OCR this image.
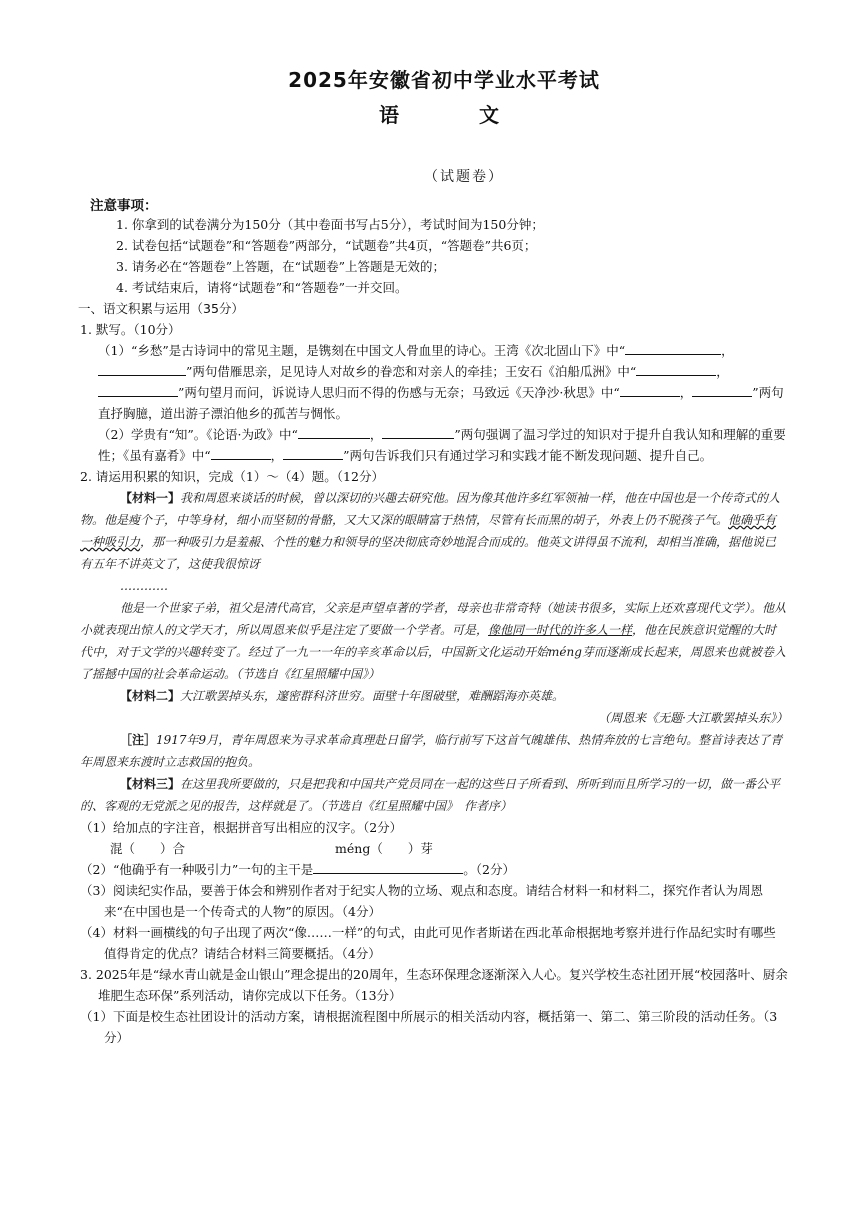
2025年安徽省初中学业水平考试
语　文
（试题卷）
注意事项：
1. 你拿到的试卷满分为150分（其中卷面书写占5分），考试时间为150分钟；
2. 试卷包括“试题卷”和“答题卷”两部分，“试题卷”共4页，“答题卷”共6页；
3. 请务必在“答题卷”上答题，在“试题卷”上答题是无效的；
4. 考试结束后，请将“试题卷”和“答题卷”一并交回。
一、语文积累与运用（35分）
1. 默写。（10分）
（1）“乡愁”是古诗词中的常见主题，是镌刻在中国文人骨血里的诗心。王湾《次北固山下》中“	，”两句借雁思亲，足见诗人对故乡的眷恋和对亲人的牵挂；王安石《泊船瓜洲》中“	，”两句望月而问，诉说诗人思归而不得的伤感与无奈；马致远《天净沙·秋思》中“	，	”两句直抒胸臆，道出游子漂泊他乡的孤苦与惆怅。
（2）学贵有“知”。《论语·为政》中“	，	”两句强调了温习学过的知识对于提升自我认知和理解的重要性；《虽有嘉肴》中“	，	”两句告诉我们只有通过学习和实践才能不断发现问题、提升自己。
2. 请运用积累的知识，完成（1）～（4）题。（12分）
【材料一】我和周恩来谈话的时候，曾以深切的兴趣去研究他。因为像其他许多红军领袖一样，他在中国也是一个传奇式的人物。他是瘦个子，中等身材，细小而坚韧的骨骼，又大又深的眼睛富于热情，尽管有长而黑的胡子，外表上仍不脱孩子气。他确乎有一种吸引力，那一种吸引力是羞赧、个性的魅力和领导的坚决彻底奇妙地混合而成的。他英文讲得虽不流利，却相当准确，据他说已有五年不讲英文了，这使我很惊讶
…………
他是一个世家子弟，祖父是清代高官，父亲是声望卓著的学者，母亲也非常奇特（她读书很多，实际上还欢喜现代文学）。他从小就表现出惊人的文学天才，所以周恩来似乎是注定了要做一个学者。可是，像他同一时代的许多人一样，他在民族意识觉醒的大时代中，对于文学的兴趣转变了。经过了一九一一年的辛亥革命以后，中国新文化运动开始méng芽而逐渐成长起来，周恩来也就被卷入了摇撼中国的社会革命运动。（节选自《红星照耀中国》）
【材料二】大江歌罢掉头东，邃密群科济世穷。面壁十年图破壁，难酬蹈海亦英雄。
（周恩来《无题·大江歌罢掉头东》）
［注］1917年9月，青年周恩来为寻求革命真理赴日留学，临行前写下这首气魄雄伟、热情奔放的七言绝句。整首诗表达了青年周恩来东渡时立志救国的抱负。
【材料三】在这里我所要做的，只是把我和中国共产党员同在一起的这些日子所看到、所听到而且所学习的一切，做一番公平的、客观的无党派之见的报告，这样就是了。（节选自《红星照耀中国》　作者序）
（1）给加点的字注音，根据拼音写出相应的汉字。（2分）
混（　　）合	méng（　　）芽
（2）“他确乎有一种吸引力”一句的主干是	。（2分）
（3）阅读纪实作品，要善于体会和辨别作者对于纪实人物的立场、观点和态度。请结合材料一和材料二，探究作者认为周恩来“在中国也是一个传奇式的人物”的原因。（4分）
（4）材料一画横线的句子出现了两次“像……一样”的句式，由此可见作者斯诺在西北革命根据地考察并进行作品纪实时有哪些值得肯定的优点？请结合材料三简要概括。（4分）
3. 2025年是“绿水青山就是金山银山”理念提出的20周年，生态环保理念逐渐深入人心。复兴学校生态社团开展“校园落叶、厨余堆肥生态环保”系列活动，请你完成以下任务。（13分）
（1）下面是校生态社团设计的活动方案，请根据流程图中所展示的相关活动内容，概括第一、第二、第三阶段的活动任务。（3分）
